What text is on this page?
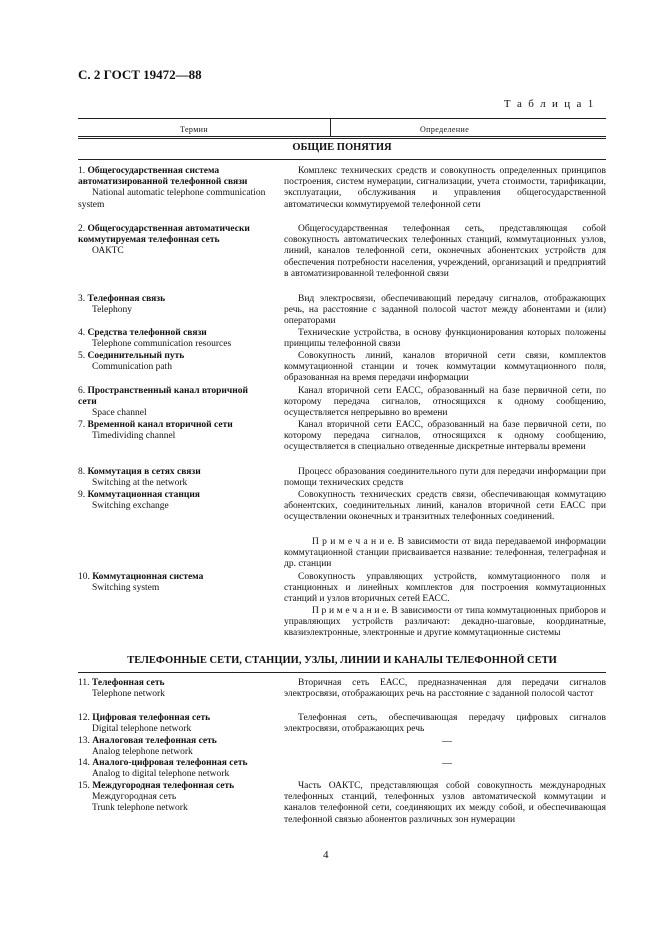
С. 2 ГОСТ 19472—88
Т а б л и ц а 1
Термин	Определение
ОБЩИЕ ПОНЯТИЯ
1. Общегосударственная система автоматизированной телефонной связи
National automatic telephone communication system
Комплекс технических средств и совокупность определенных принципов построения, систем нумерации, сигнализации, учета стоимости, тарификации, эксплуатации, обслуживания и управления общегосударственной автоматически коммутируемой телефонной сети
2. Общегосударственная автоматически коммутируемая телефонная сеть
ОАКТС
Общегосударственная телефонная сеть, представляющая собой совокупность автоматических телефонных станций, коммутационных узлов, линий, каналов телефонной сети, оконечных абонентских устройств для обеспечения потребности населения, учреждений, организаций и предприятий в автоматизированной телефонной связи
3. Телефонная связь
Telephony
Вид электросвязи, обеспечивающий передачу сигналов, отображающих речь, на расстояние с заданной полосой частот между абонентами и (или) операторами
4. Средства телефонной связи
Telephone communication resources
Технические устройства, в основу функционирования которых положены принципы телефонной связи
5. Соединительный путь
Communication path
Совокупность линий, каналов вторичной сети связи, комплектов коммутационной станции и точек коммутации коммутационного поля, образованная на время передачи информации
6. Пространственный канал вторичной сети
Space channel
Канал вторичной сети ЕАСС, образованный на базе первичной сети, по которому передача сигналов, относящихся к одному сообщению, осуществляется непрерывно во времени
7. Временной канал вторичной сети
Timedividing channel
Канал вторичной сети ЕАСС, образованный на базе первичной сети, по которому передача сигналов, относящихся к одному сообщению, осуществляется в специально отведенные дискретные интервалы времени
8. Коммутация в сетях связи
Switching at the network
Процесс образования соединительного пути для передачи информации при помощи технических средств
9. Коммутационная станция
Switching exchange
Совокупность технических средств связи, обеспечивающая коммутацию абонентских, соединительных линий, каналов вторичной сети ЕАСС при осуществлении оконечных и транзитных телефонных соединений.
П р и м е ч а н и е. В зависимости от вида передаваемой информации коммутационной станции присваивается название: телефонная, телеграфная и др. станции
10. Коммутационная система
Switching system
Совокупность управляющих устройств, коммутационного поля и станционных и линейных комплектов для построения коммутационных станций и узлов вторичных сетей ЕАСС.
П р и м е ч а н и е. В зависимости от типа коммутационных приборов и управляющих устройств различают: декадно-шаговые, координатные, квазиэлектронные, электронные и другие коммутационные системы
ТЕЛЕФОННЫЕ СЕТИ, СТАНЦИИ, УЗЛЫ, ЛИНИИ И КАНАЛЫ ТЕЛЕФОННОЙ СЕТИ
11. Телефонная сеть
Telephone network
Вторичная сеть ЕАСС, предназначенная для передачи сигналов электросвязи, отображающих речь на расстояние с заданной полосой частот
12. Цифровая телефонная сеть
Digital telephone network
Телефонная сеть, обеспечивающая передачу цифровых сигналов электросвязи, отображающих речь
13. Аналоговая телефонная сеть
Analog telephone network
—
14. Аналого-цифровая телефонная сеть
Analog to digital telephone network
—
15. Междугородная телефонная сеть
Междугородная сеть
Trunk telephone network
Часть ОАКТС, представляющая собой совокупность международных телефонных станций, телефонных узлов автоматической коммутации и каналов телефонной сети, соединяющих их между собой, и обеспечивающая телефонной связью абонентов различных зон нумерации
4
